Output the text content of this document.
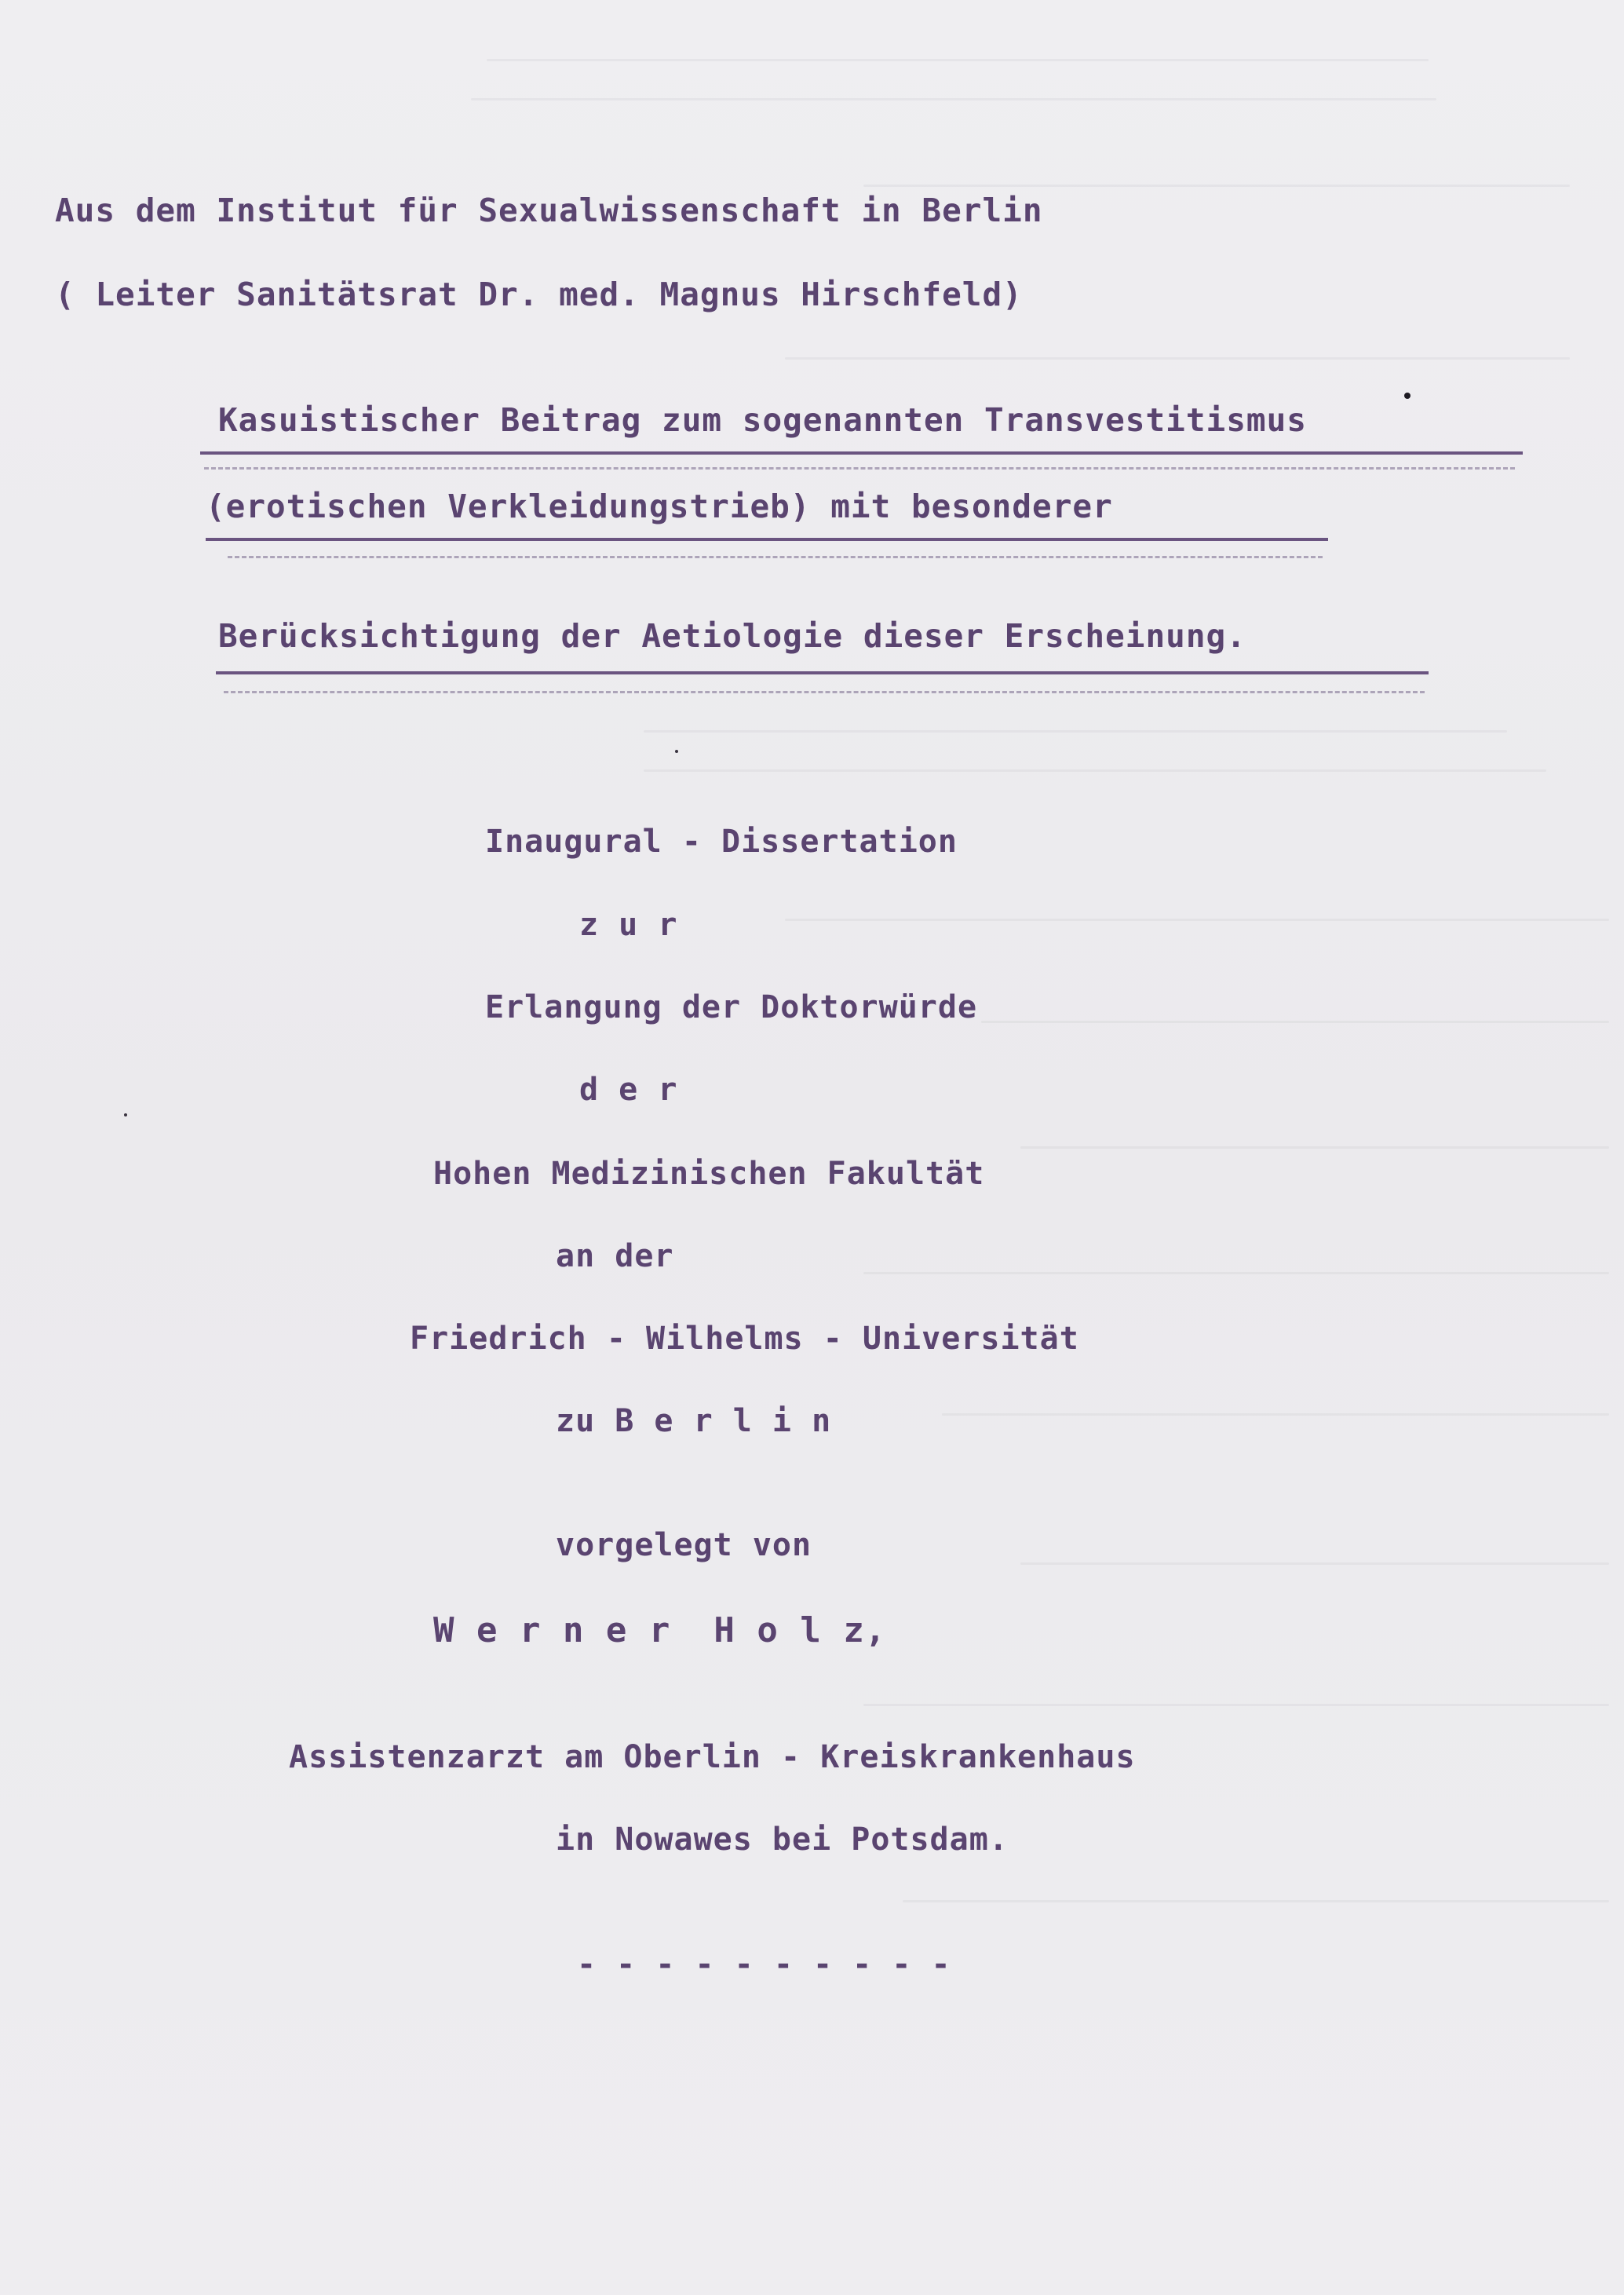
Aus dem Institut für Sexualwissenschaft in Berlin
( Leiter Sanitätsrat Dr. med. Magnus Hirschfeld)
Kasuistischer Beitrag zum sogenannten Transvestitismus
(erotischen Verkleidungstrieb) mit besonderer
Berücksichtigung der Aetiologie dieser Erscheinung.
Inaugural - Dissertation
z u r
Erlangung der Doktorwürde
d e r
Hohen Medizinischen Fakultät
an der
Friedrich - Wilhelms - Universität
zu B e r l i n
vorgelegt von
W e r n e r  H o l z,
Assistenzarzt am Oberlin - Kreiskrankenhaus
in Nowawes bei Potsdam.
- - - - - - - - - -
